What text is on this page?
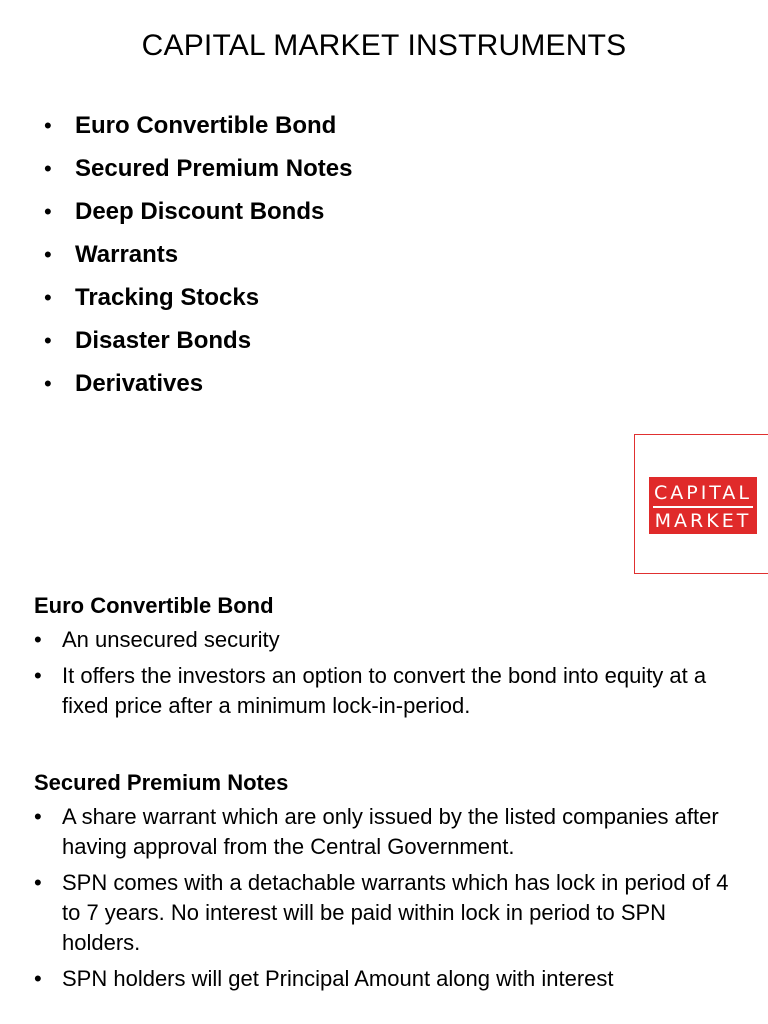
CAPITAL MARKET INSTRUMENTS
• Euro Convertible Bond
• Secured Premium Notes
• Deep Discount Bonds
• Warrants
• Tracking Stocks
• Disaster Bonds
• Derivatives
CAPITAL
MARKET
Euro Convertible Bond
• An unsecured security
• It offers the investors an option to convert the bond into equity at a fixed price after a minimum lock-in-period.
Secured Premium Notes
• A share warrant which are only issued by the listed companies after having approval from the Central Government.
• SPN comes with a detachable warrants which has lock in period of 4 to 7 years. No interest will be paid within lock in period to SPN holders.
• SPN holders will get Principal Amount along with interest
